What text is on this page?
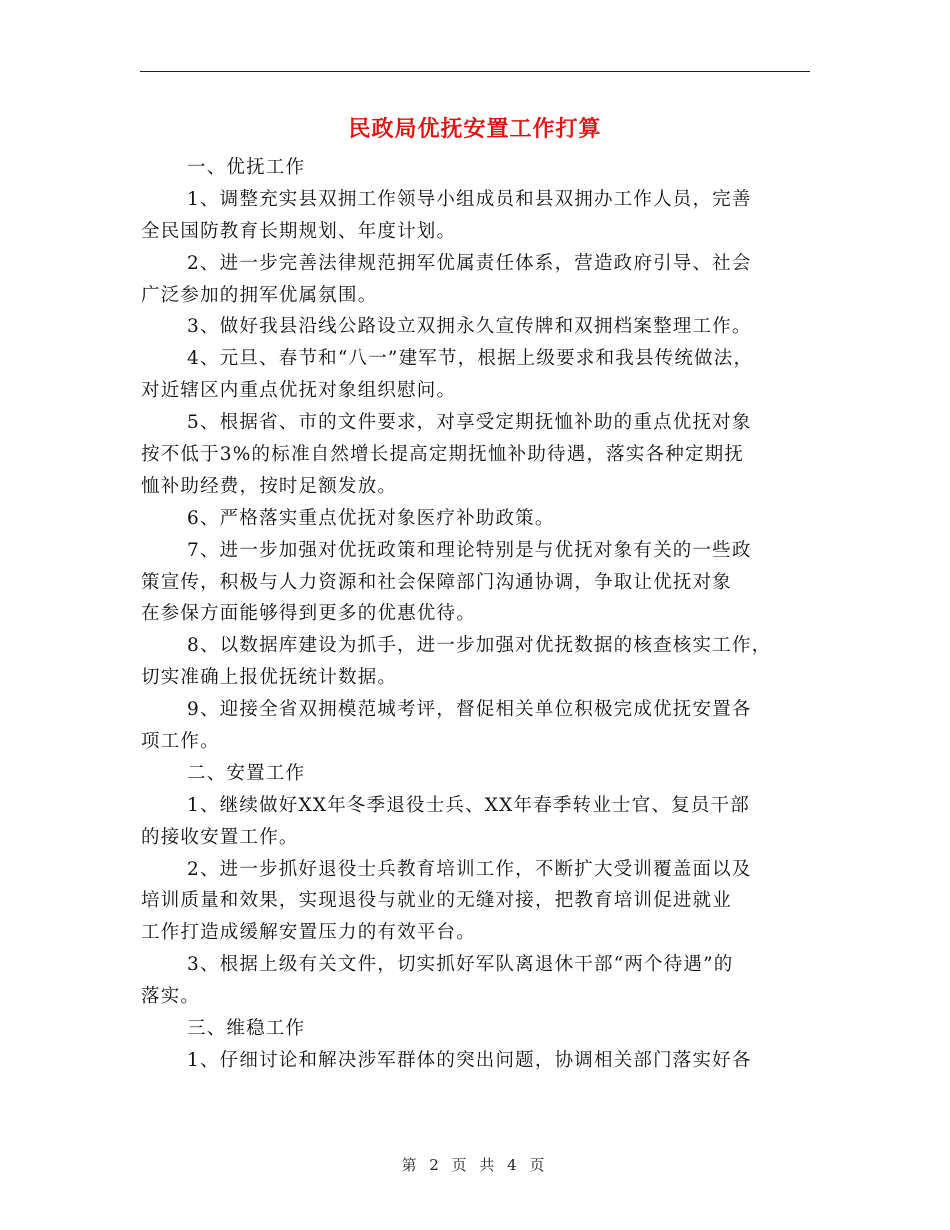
民政局优抚安置工作打算
一、优抚工作
1、调整充实县双拥工作领导小组成员和县双拥办工作人员，完善
全民国防教育长期规划、年度计划。
2、进一步完善法律规范拥军优属责任体系，营造政府引导、社会
广泛参加的拥军优属氛围。
3、做好我县沿线公路设立双拥永久宣传牌和双拥档案整理工作。
4、元旦、春节和“八一”建军节，根据上级要求和我县传统做法，
对近辖区内重点优抚对象组织慰问。
5、根据省、市的文件要求，对享受定期抚恤补助的重点优抚对象
按不低于3%的标准自然增长提高定期抚恤补助待遇，落实各种定期抚
恤补助经费，按时足额发放。
6、严格落实重点优抚对象医疗补助政策。
7、进一步加强对优抚政策和理论特别是与优抚对象有关的一些政
策宣传，积极与人力资源和社会保障部门沟通协调，争取让优抚对象
在参保方面能够得到更多的优惠优待。
8、以数据库建设为抓手，进一步加强对优抚数据的核查核实工作，
切实准确上报优抚统计数据。
9、迎接全省双拥模范城考评，督促相关单位积极完成优抚安置各
项工作。
二、安置工作
1、继续做好XX年冬季退役士兵、XX年春季转业士官、复员干部
的接收安置工作。
2、进一步抓好退役士兵教育培训工作，不断扩大受训覆盖面以及
培训质量和效果，实现退役与就业的无缝对接，把教育培训促进就业
工作打造成缓解安置压力的有效平台。
3、根据上级有关文件，切实抓好军队离退休干部“两个待遇”的
落实。
三、维稳工作
1、仔细讨论和解决涉军群体的突出问题，协调相关部门落实好各
第 2 页 共 4 页
